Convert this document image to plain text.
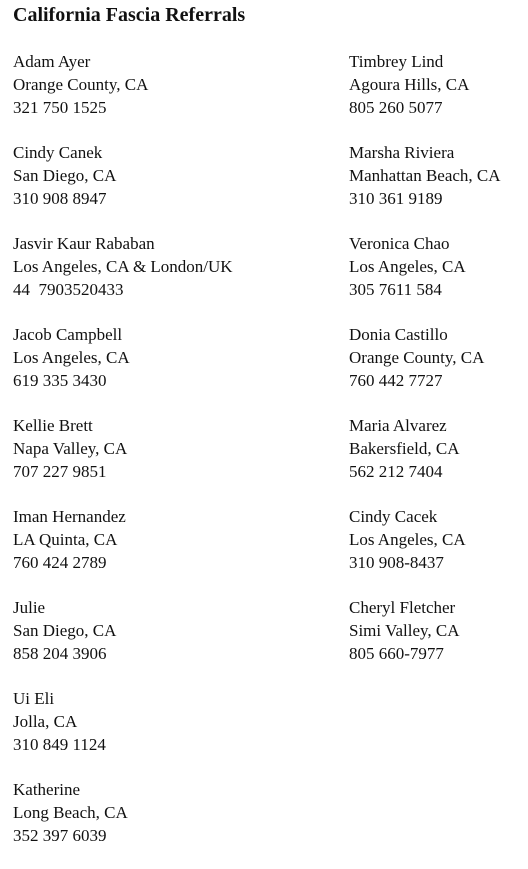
California Fascia Referrals
Adam Ayer
Orange County, CA
321 750 1525
Cindy Canek
San Diego, CA
310 908 8947
Jasvir Kaur Rababan
Los Angeles, CA & London/UK
44  7903520433
Jacob Campbell
Los Angeles, CA
619 335 3430
Kellie Brett
Napa Valley, CA
707 227 9851
Iman Hernandez
LA Quinta, CA
760 424 2789
Julie
San Diego, CA
858 204 3906
Ui Eli
Jolla, CA
310 849 1124
Katherine
Long Beach, CA
352 397 6039
Timbrey Lind
Agoura Hills, CA
805 260 5077
Marsha Riviera
Manhattan Beach, CA
310 361 9189
Veronica Chao
Los Angeles, CA
305 7611 584
Donia Castillo
Orange County, CA
760 442 7727
Maria Alvarez
Bakersfield, CA
562 212 7404
Cindy Cacek
Los Angeles, CA
310 908-8437
Cheryl Fletcher
Simi Valley, CA
805 660-7977
